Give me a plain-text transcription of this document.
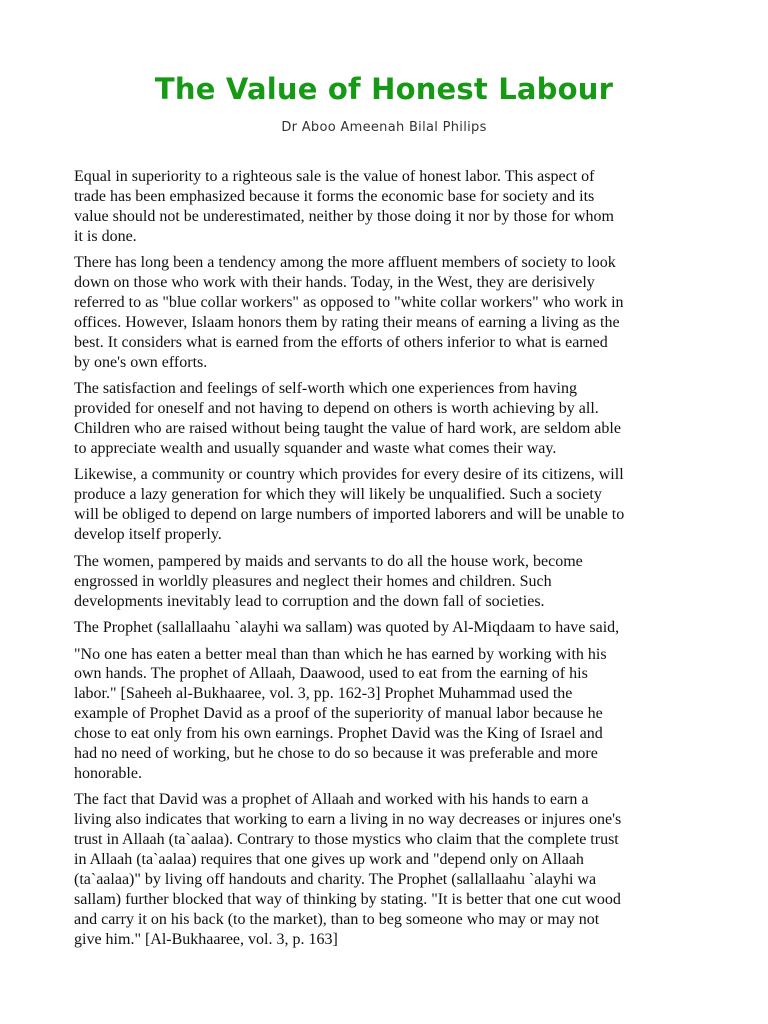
The Value of Honest Labour
Dr Aboo Ameenah Bilal Philips

Equal in superiority to a righteous sale is the value of honest labor. This aspect of
trade has been emphasized because it forms the economic base for society and its
value should not be underestimated, neither by those doing it nor by those for whom
it is done.

There has long been a tendency among the more affluent members of society to look
down on those who work with their hands. Today, in the West, they are derisively
referred to as "blue collar workers" as opposed to "white collar workers" who work in
offices. However, Islaam honors them by rating their means of earning a living as the
best. It considers what is earned from the efforts of others inferior to what is earned
by one's own efforts.

The satisfaction and feelings of self-worth which one experiences from having
provided for oneself and not having to depend on others is worth achieving by all.
Children who are raised without being taught the value of hard work, are seldom able
to appreciate wealth and usually squander and waste what comes their way.

Likewise, a community or country which provides for every desire of its citizens, will
produce a lazy generation for which they will likely be unqualified. Such a society
will be obliged to depend on large numbers of imported laborers and will be unable to
develop itself properly.

The women, pampered by maids and servants to do all the house work, become
engrossed in worldly pleasures and neglect their homes and children. Such
developments inevitably lead to corruption and the down fall of societies.

The Prophet (sallallaahu `alayhi wa sallam) was quoted by Al-Miqdaam to have said,

"No one has eaten a better meal than than which he has earned by working with his
own hands. The prophet of Allaah, Daawood, used to eat from the earning of his
labor." [Saheeh al-Bukhaaree, vol. 3, pp. 162-3] Prophet Muhammad used the
example of Prophet David as a proof of the superiority of manual labor because he
chose to eat only from his own earnings. Prophet David was the King of Israel and
had no need of working, but he chose to do so because it was preferable and more
honorable.

The fact that David was a prophet of Allaah and worked with his hands to earn a
living also indicates that working to earn a living in no way decreases or injures one's
trust in Allaah (ta`aalaa). Contrary to those mystics who claim that the complete trust
in Allaah (ta`aalaa) requires that one gives up work and "depend only on Allaah
(ta`aalaa)" by living off handouts and charity. The Prophet (sallallaahu `alayhi wa
sallam) further blocked that way of thinking by stating. "It is better that one cut wood
and carry it on his back (to the market), than to beg someone who may or may not
give him." [Al-Bukhaaree, vol. 3, p. 163]
